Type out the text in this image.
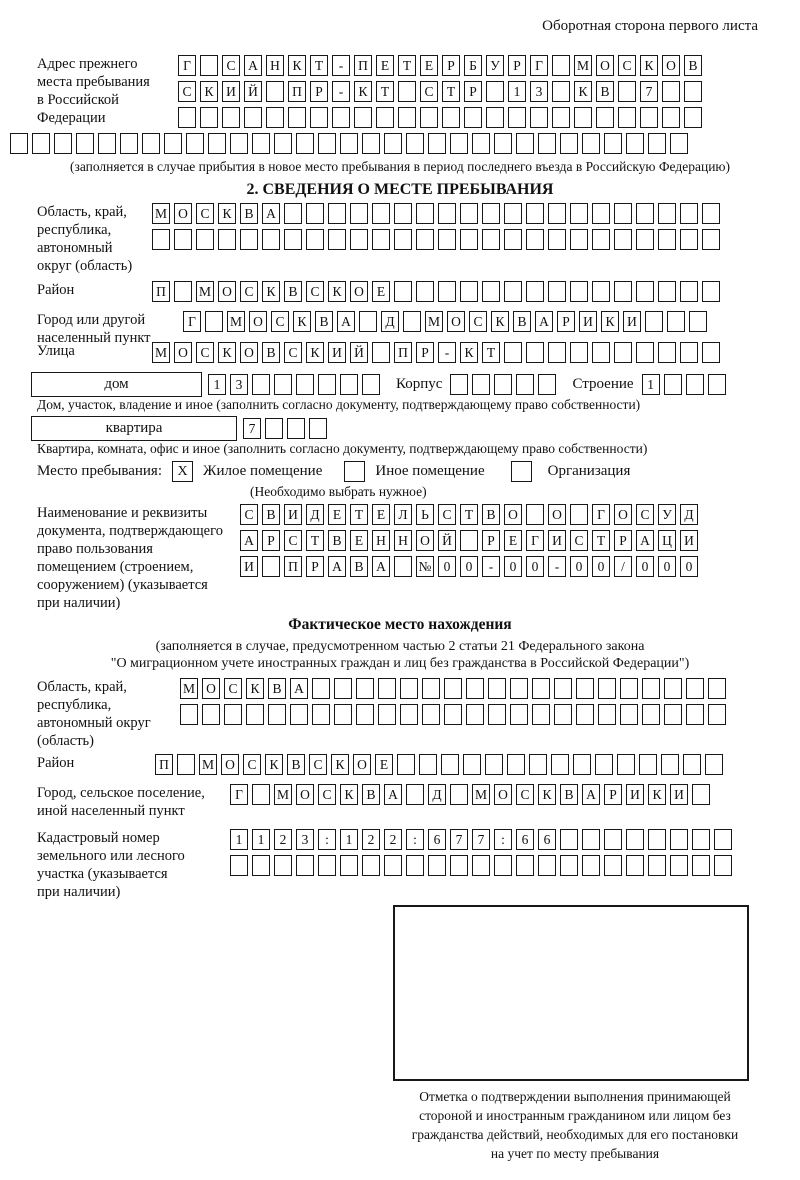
Оборотная сторона первого листа
Адрес прежнего
места пребывания
в Российской
Федерации
Г	С А Н К Т	-	П Е	Т	Е	Р	Б У Р	Г	М О С К О В
С К И Й	П Р	-	К Т	С Т	Р	1	3	К В	7
(заполняется в случае прибытия в новое место пребывания в период последнего въезда в Российскую Федерацию)
2. СВЕДЕНИЯ О МЕСТЕ ПРЕБЫВАНИЯ
Область, край,
республика,
автономный
округ (область)
М О С К В А
Район	П	М О С К В С К О Е
Город или другой
населенный пункт
Г	М О С К В А	Д	М О С К В А Р И К И
Улица	М О С К О В С К И Й	П Р	-	К Т
дом	1	3	Корпус	Строение	1
Дом, участок, владение и иное (заполнить согласно документу, подтверждающему право собственности)
квартира	7
Квартира, комната, офис и иное (заполнить согласно документу, подтверждающему право собственности)
Место пребывания:	X	Жилое помещение	Иное помещение	Организация
(Необходимо выбрать нужное)
Наименование и реквизиты
документа, подтверждающего
право пользования
помещением (строением,
сооружением) (указывается
при наличии)
С В И Д Е	Т	Е Л	Ь	С Т В О	О	Г О С У Д
А Р	С Т В Е Н Н О Й	Р	Е	Г И С Т	Р А Ц И
И	П Р А В А	№ 0	0	-	0	0	-	0	0	/	0	0	0
Фактическое место нахождения
(заполняется в случае, предусмотренном частью 2 статьи 21 Федерального закона
"О миграционном учете иностранных граждан и лиц без гражданства в Российской Федерации")
Область, край,
республика,
автономный округ
(область)
М О С К В А
Район	П	М О С К В С К О Е
Город, сельское поселение,
иной населенный пункт
Г	М О С К В А	Д	М О С К В А Р И К И
Кадастровый номер
земельного или лесного
участка (указывается
при наличии)
1	1	2	3	:	1	2	2	:	6	7	7	:	6	6
Отметка о подтверждении выполнения принимающей
стороной и иностранным гражданином или лицом без
гражданства действий, необходимых для его постановки
на учет по месту пребывания
